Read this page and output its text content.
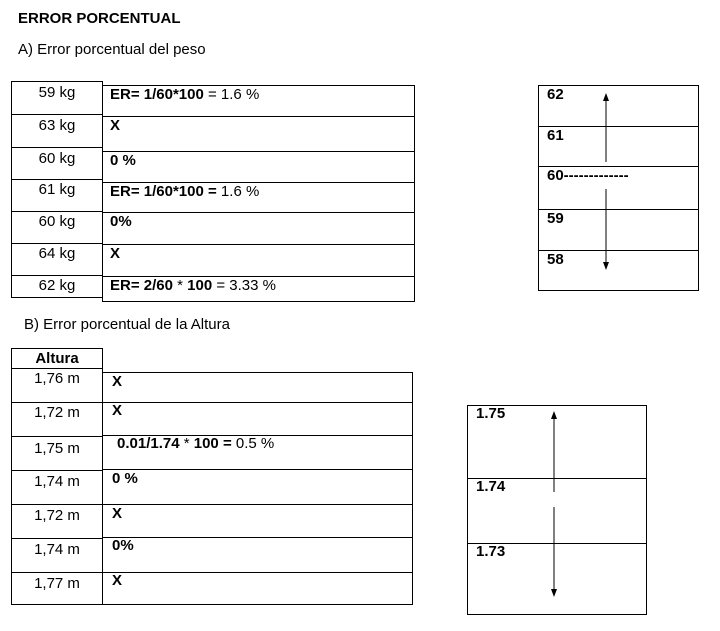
ERROR PORCENTUAL
A) Error porcentual del peso
59 kg
63 kg
60 kg
61 kg
60 kg
64 kg
62 kg
ER= 1/60*100 = 1.6 %
X
0 %
ER= 1/60*100 = 1.6 %
0%
X
ER= 2/60 * 100 = 3.33 %
62
61
60-------------
59
58
B) Error porcentual de la Altura
Altura
1,76 m
1,72 m
1,75 m
1,74 m
1,72 m
1,74 m
1,77 m
X
X
0.01/1.74 * 100 = 0.5 %
0 %
X
0%
X
1.75
1.74
1.73
